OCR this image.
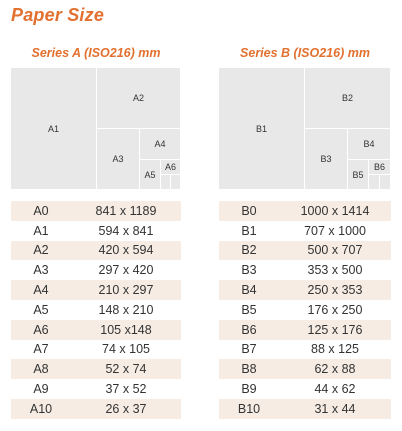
Paper Size
Series A (ISO216) mm
A1
A2
A3
A4
A5
A6
A0	841 x 1189
A1	594 x 841
A2	420 x 594
A3	297 x 420
A4	210 x 297
A5	148 x 210
A6	105 x148
A7	74 x 105
A8	52 x 74
A9	37 x 52
A10	26 x 37
Series B (ISO216) mm
B1
B2
B3
B4
B5
B6
B0	1000 x 1414
B1	707 x 1000
B2	500 x 707
B3	353 x 500
B4	250 x 353
B5	176 x 250
B6	125 x 176
B7	88 x 125
B8	62 x 88
B9	44 x 62
B10	31 x 44
